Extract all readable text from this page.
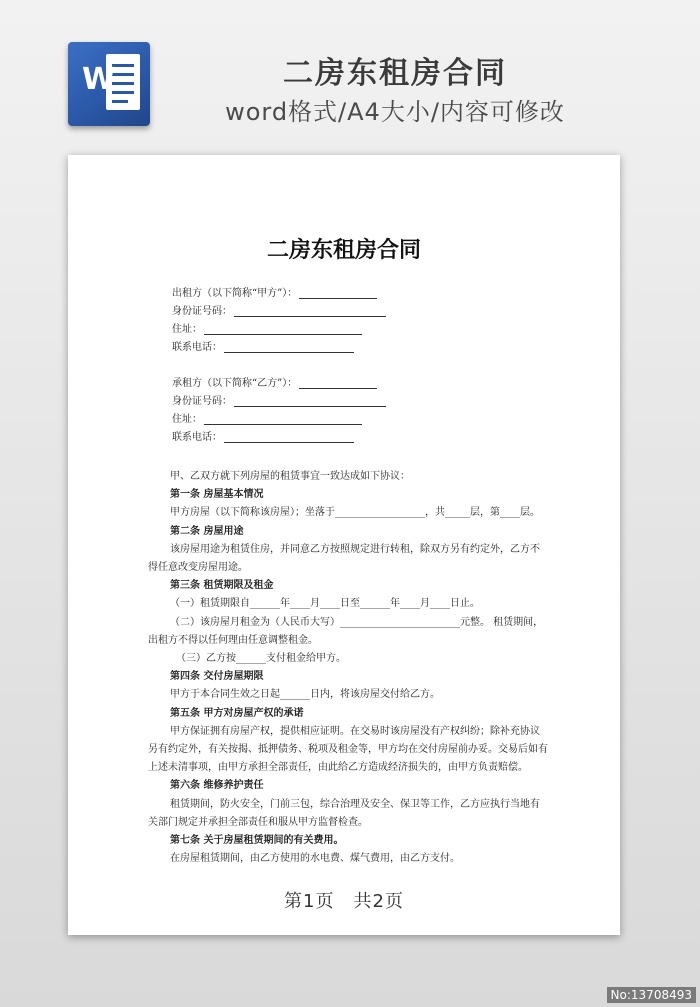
W	二房东租房合同
word格式/A4大小/内容可修改
二房东租房合同
出租方（以下简称“甲方”）：
身份证号码：
住址：
联系电话：
承租方（以下简称“乙方”）：
身份证号码：
住址：
联系电话：

甲、乙双方就下列房屋的租赁事宜一致达成如下协议：

第一条 房屋基本情况

甲方房屋（以下简称该房屋）；坐落于__________________，共_____层，第____层。

第二条 房屋用途

该房屋用途为租赁住房，并同意乙方按照规定进行转租，除双方另有约定外，乙方不得任意改变房屋用途。

第三条 租赁期限及租金

（一）租赁期限自______年____月____日至______年____月____日止。

（二）该房屋月租金为（人民币大写）________________________元整。 租赁期间，出租方不得以任何理由任意调整租金。

（三）乙方按______支付租金给甲方。

第四条 交付房屋期限

甲方于本合同生效之日起______日内，将该房屋交付给乙方。

第五条 甲方对房屋产权的承诺

甲方保证拥有房屋产权，提供相应证明。在交易时该房屋没有产权纠纷；除补充协议另有约定外，有关按揭、抵押债务、税项及租金等，甲方均在交付房屋前办妥。交易后如有上述未清事项，由甲方承担全部责任，由此给乙方造成经济损失的，由甲方负责赔偿。

第六条 维修养护责任

租赁期间，防火安全，门前三包，综合治理及安全、保卫等工作，乙方应执行当地有关部门规定并承担全部责任和服从甲方监督检查。

第七条 关于房屋租赁期间的有关费用。

在房屋租赁期间，由乙方使用的水电费、煤气费用，由乙方支付。

第1页　共2页
No:13708493
